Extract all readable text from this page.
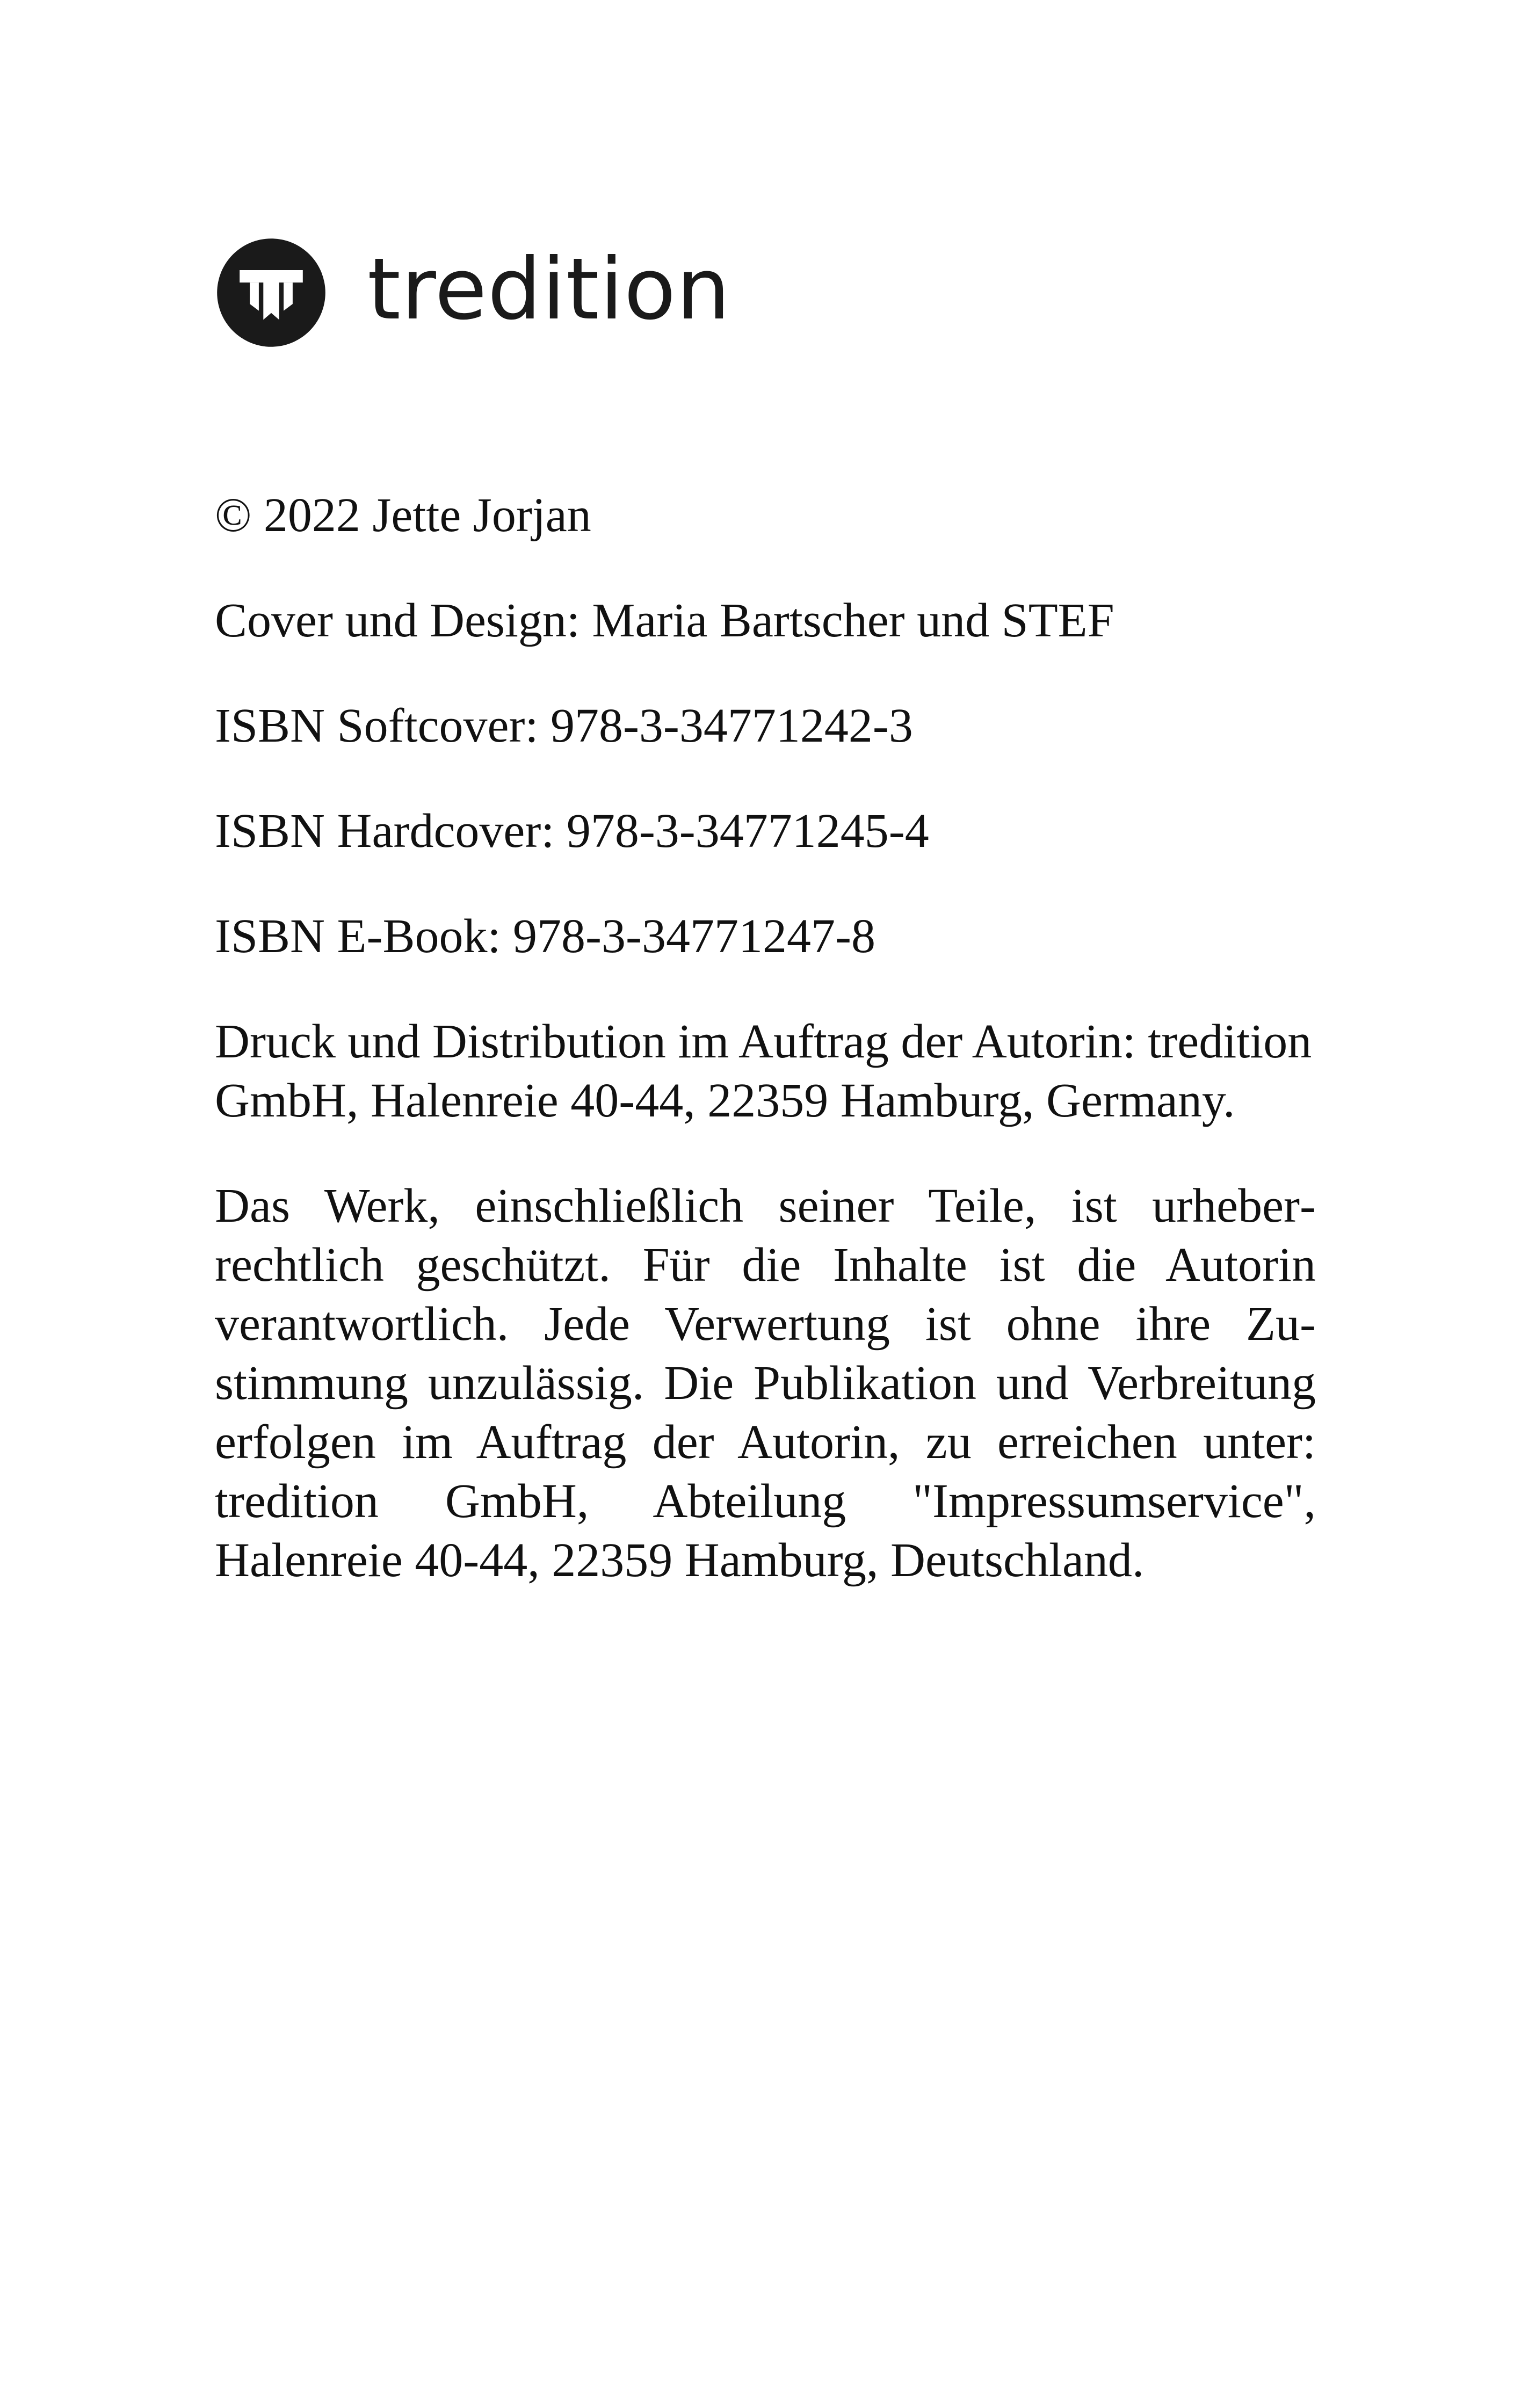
tredition

© 2022 Jette Jorjan

Cover und Design: Maria Bartscher und STEF

ISBN Softcover: 978-3-34771242-3

ISBN Hardcover: 978-3-34771245-4

ISBN E-Book: 978-3-34771247-8

Druck und Distribution im Auftrag der Autorin: tredition GmbH, Halenreie 40-44, 22359 Hamburg, Germany.

Das Werk, einschließlich seiner Teile, ist urheberrechtlich geschützt. Für die Inhalte ist die Autorin verantwortlich. Jede Verwertung ist ohne ihre Zustimmung unzulässig. Die Publikation und Verbreitung erfolgen im Auftrag der Autorin, zu erreichen unter: tredition GmbH, Abteilung "Impressumservice", Halenreie 40-44, 22359 Hamburg, Deutschland.
